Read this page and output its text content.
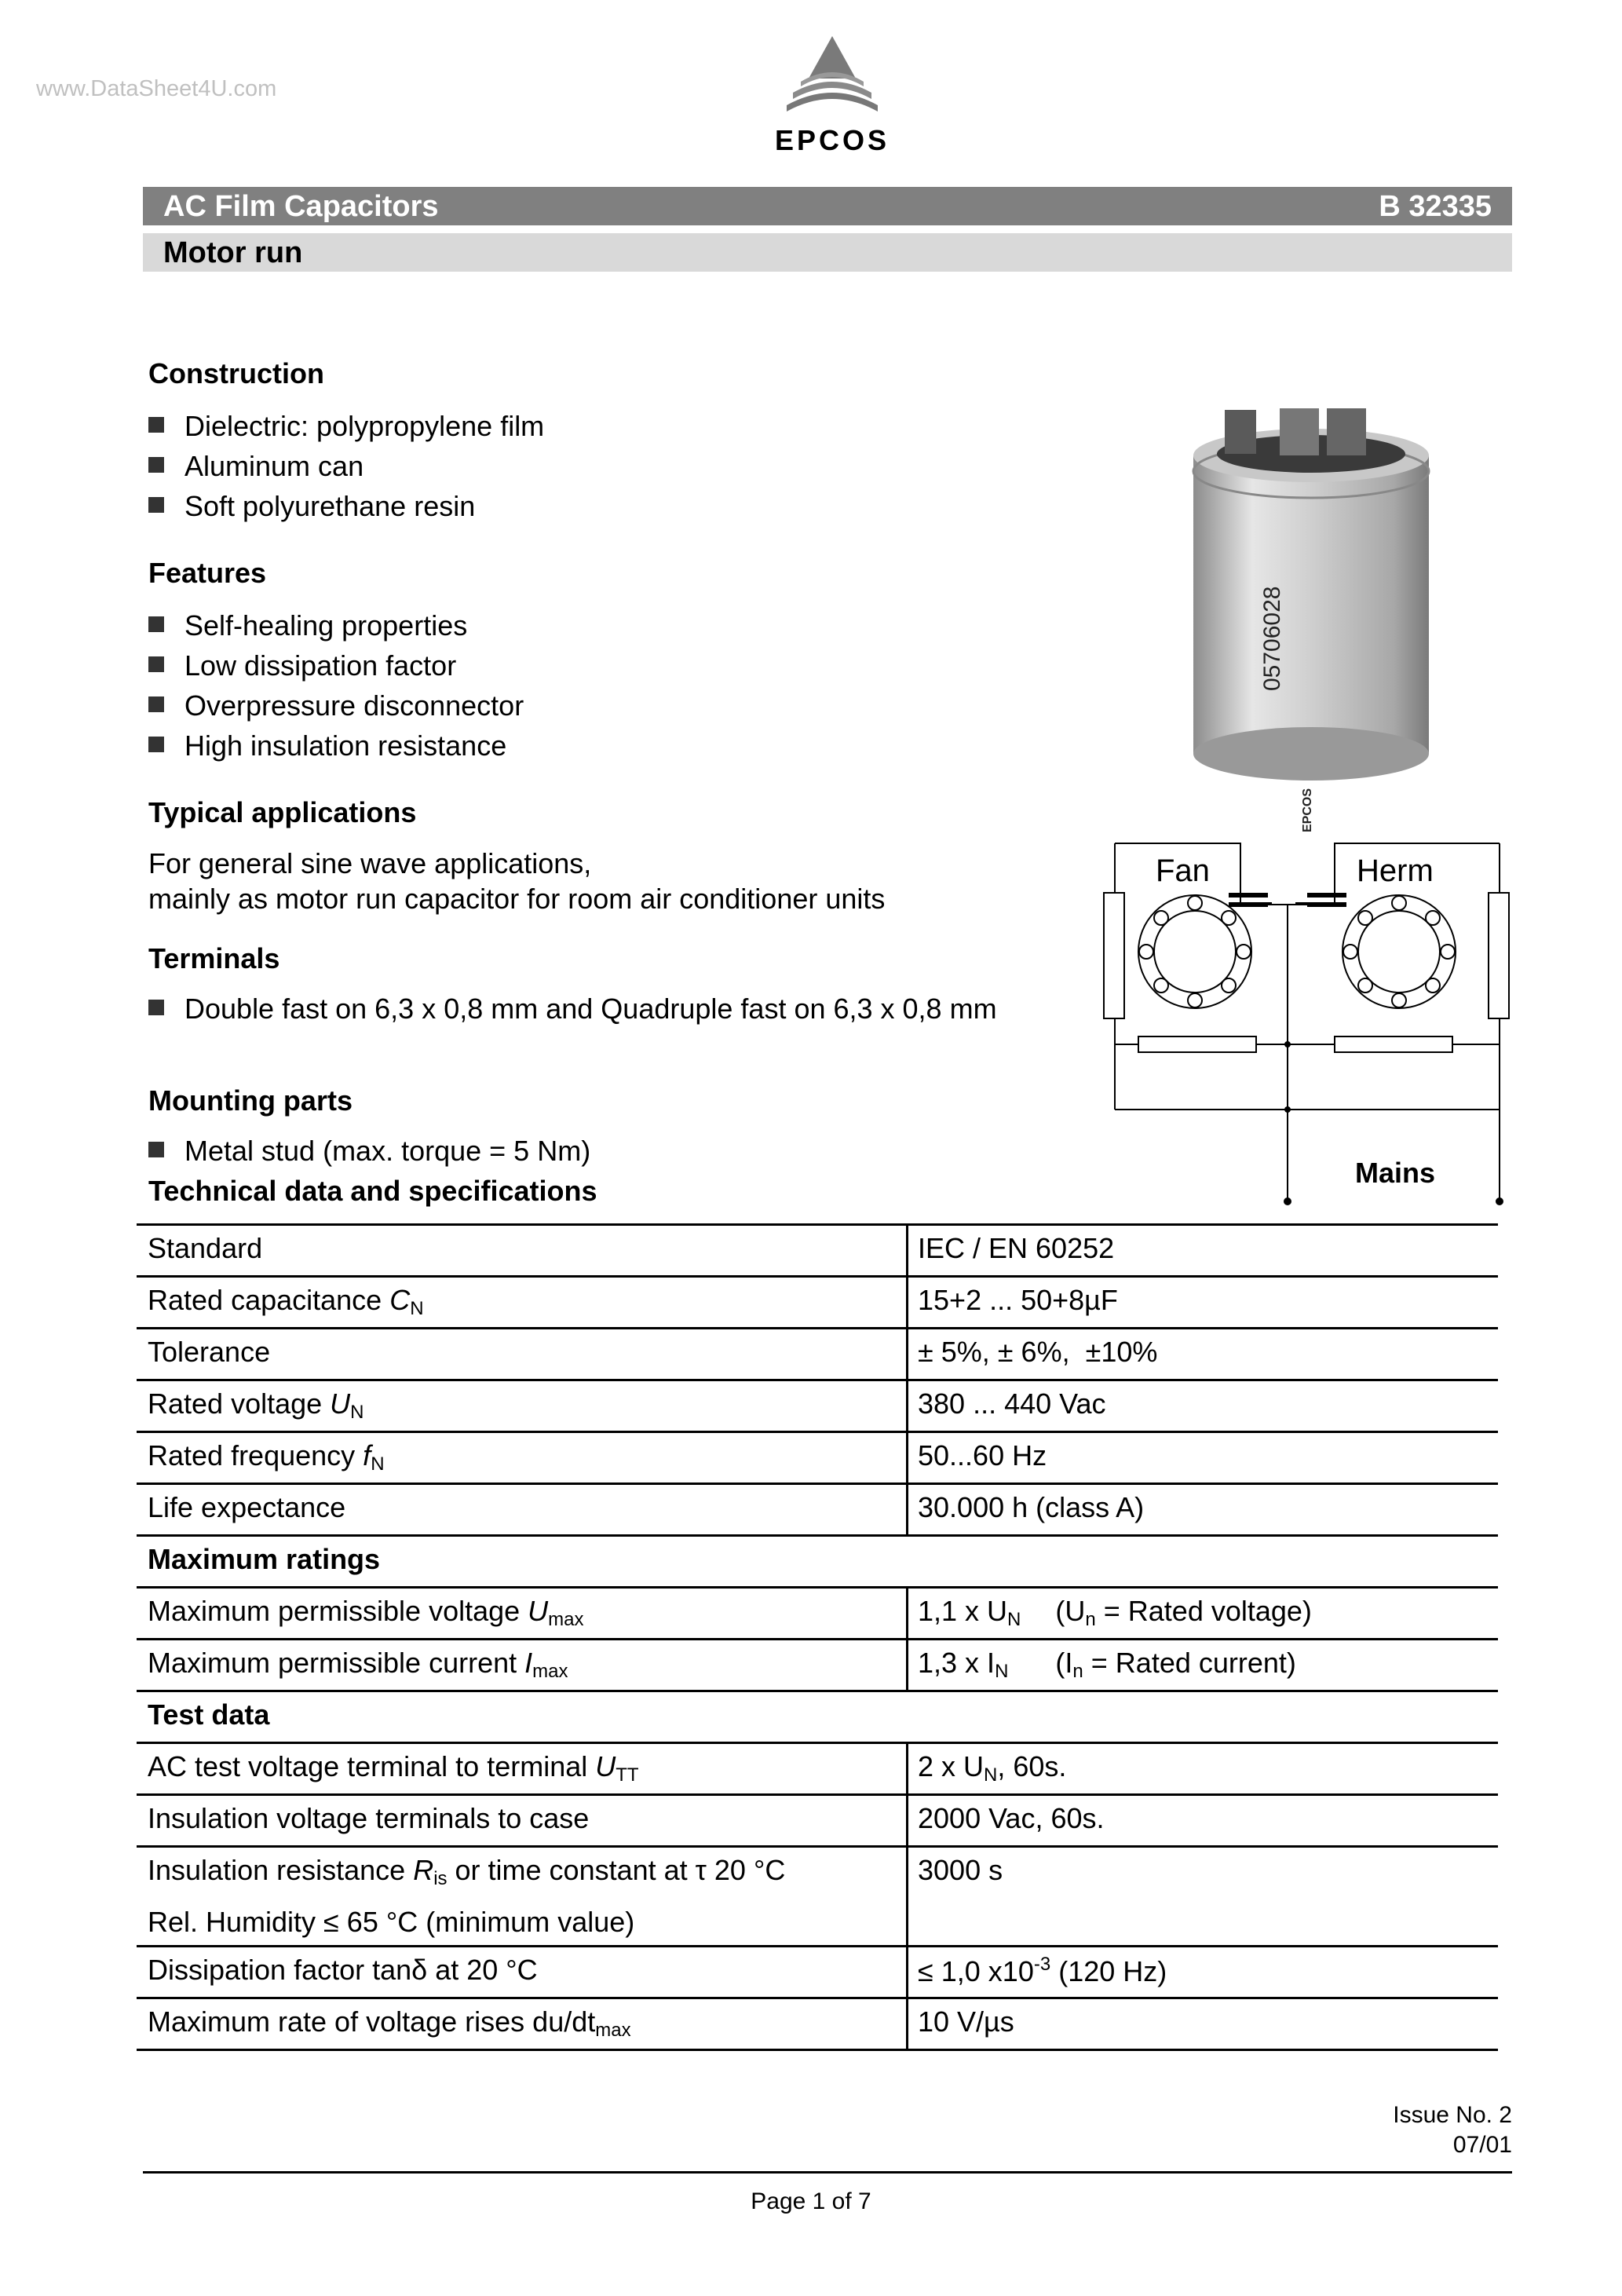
www.DataSheet4U.com
EPCOS
AC Film Capacitors	B 32335
Motor run
Construction
Dielectric: polypropylene film
Aluminum can
Soft polyurethane resin
Features
Self-healing properties
Low dissipation factor
Overpressure disconnector
High insulation resistance
Typical applications
For general sine wave applications,
mainly as motor run capacitor for room air conditioner units
Terminals
Double fast on 6,3 x 0,8 mm and Quadruple fast on 6,3 x 0,8 mm
Mounting parts
Metal stud (max. torque = 5 Nm)
Technical data and specifications
05706028
EPCOS
Fan	Herm
Mains
Standard	IEC / EN 60252
Rated capacitance $C_N$	15+2 ... 50+8µF
Tolerance	± 5%, ± 6%,  ±10%
Rated voltage $U_N$	380 ... 440 Vac
Rated frequency $f_N$	50...60 Hz
Life expectance	30.000 h (class A)
Maximum ratings	
Maximum permissible voltage $U_{max}$	1,1 x $U_N$ ($U_n$ = Rated voltage)
Maximum permissible current $I_{max}$	1,3 x $I_N$ ($I_n$ = Rated current)
Test data	
AC test voltage terminal to terminal $U_{TT}$	2 x $U_N$, 60s.
Insulation voltage terminals to case	2000 Vac, 60s.
Insulation resistance $R_{is}$ or time constant at τ 20 °C
Rel. Humidity ≤ 65 °C (minimum value)	3000 s
Dissipation factor tanδ at 20 °C	≤ 1,0 $x10^{-3}$ (120 Hz)
Maximum rate of voltage rises $du/dt_{max}$	10 V/µs
Issue No. 2
07/01
Page 1 of 7
